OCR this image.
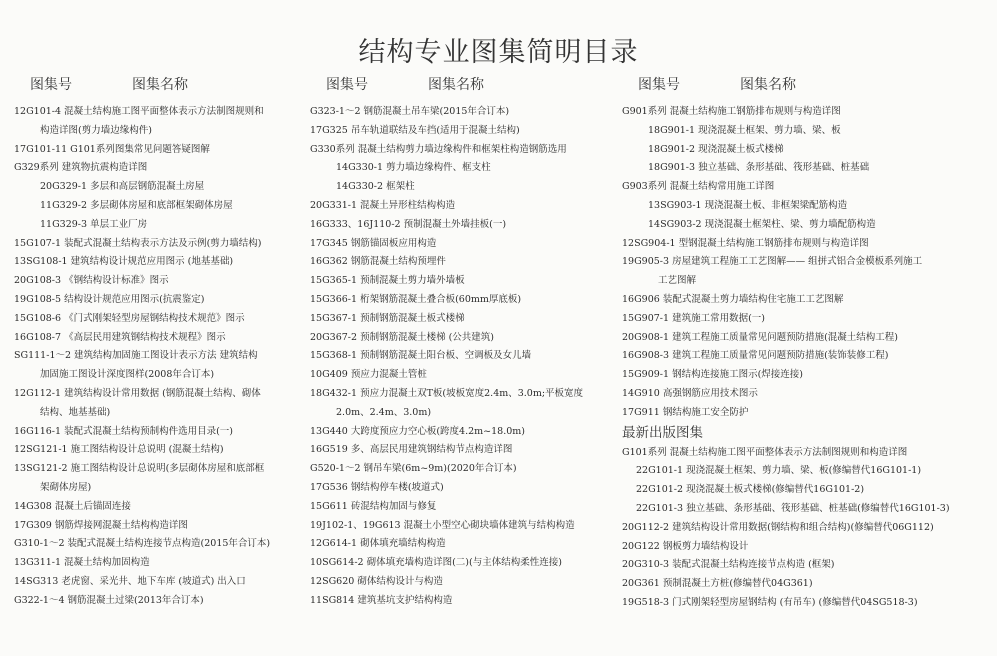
结构专业图集简明目录
图集号	图集名称
12G101-4 混凝土结构施工图平面整体表示方法制图规则和
构造详图(剪力墙边缘构件)
17G101-11 G101系列图集常见问题答疑图解
G329系列 建筑物抗震构造详图
20G329-1 多层和高层钢筋混凝土房屋
11G329-2 多层砌体房屋和底部框架砌体房屋
11G329-3 单层工业厂房
15G107-1 装配式混凝土结构表示方法及示例(剪力墙结构)
13SG108-1 建筑结构设计规范应用图示 (地基基础)
20G108-3 《钢结构设计标准》图示
19G108-5 结构设计规范应用图示(抗震鉴定)
15G108-6 《门式刚架轻型房屋钢结构技术规范》图示
16G108-7 《高层民用建筑钢结构技术规程》图示
SG111-1～2 建筑结构加固施工图设计表示方法 建筑结构
加固施工图设计深度图样(2008年合订本)
12G112-1 建筑结构设计常用数据 (钢筋混凝土结构、砌体
结构、地基基础)
16G116-1 装配式混凝土结构预制构件选用目录(一)
12SG121-1 施工图结构设计总说明 (混凝土结构)
13SG121-2 施工图结构设计总说明(多层砌体房屋和底部框
架砌体房屋)
14G308 混凝土后锚固连接
17G309 钢筋焊接网混凝土结构构造详图
G310-1～2 装配式混凝土结构连接节点构造(2015年合订本)
13G311-1 混凝土结构加固构造
14SG313 老虎窗、采光井、地下车库 (坡道式) 出入口
G322-1～4 钢筋混凝土过梁(2013年合订本)
图集号	图集名称
G323-1～2 钢筋混凝土吊车梁(2015年合订本)
17G325 吊车轨道联结及车挡(适用于混凝土结构)
G330系列 混凝土结构剪力墙边缘构件和框架柱构造钢筋选用
14G330-1 剪力墙边缘构件、框支柱
14G330-2 框架柱
20G331-1 混凝土异形柱结构构造
16G333、16J110-2 预制混凝土外墙挂板(一)
17G345 钢筋锚固板应用构造
16G362 钢筋混凝土结构预埋件
15G365-1 预制混凝土剪力墙外墙板
15G366-1 桁架钢筋混凝土叠合板(60mm厚底板)
15G367-1 预制钢筋混凝土板式楼梯
20G367-2 预制钢筋混凝土楼梯 (公共建筑)
15G368-1 预制钢筋混凝土阳台板、空调板及女儿墙
10G409 预应力混凝土管桩
18G432-1 预应力混凝土双T板(坡板宽度2.4m、3.0m;平板宽度
2.0m、2.4m、3.0m)
13G440 大跨度预应力空心板(跨度4.2m~18.0m)
16G519 多、高层民用建筑钢结构节点构造详图
G520-1～2 钢吊车梁(6m~9m)(2020年合订本)
17G536 钢结构停车楼(坡道式)
15G611 砖混结构加固与修复
19J102-1、19G613 混凝土小型空心砌块墙体建筑与结构构造
12G614-1 砌体填充墙结构构造
10SG614-2 砌体填充墙构造详图(二)(与主体结构柔性连接)
12SG620 砌体结构设计与构造
11SG814 建筑基坑支护结构构造
图集号	图集名称
G901系列 混凝土结构施工钢筋排布规则与构造详图
18G901-1 现浇混凝土框架、剪力墙、梁、板
18G901-2 现浇混凝土板式楼梯
18G901-3 独立基础、条形基础、筏形基础、桩基础
G903系列 混凝土结构常用施工详图
13SG903-1 现浇混凝土板、非框架梁配筋构造
14SG903-2 现浇混凝土框架柱、梁、剪力墙配筋构造
12SG904-1 型钢混凝土结构施工钢筋排布规则与构造详图
19G905-3 房屋建筑工程施工工艺图解—— 组拼式铝合金模板系列施工
工艺图解
16G906 装配式混凝土剪力墙结构住宅施工工艺图解
15G907-1 建筑施工常用数据(一)
20G908-1 建筑工程施工质量常见问题预防措施(混凝土结构工程)
16G908-3 建筑工程施工质量常见问题预防措施(装饰装修工程)
15G909-1 钢结构连接施工图示(焊接连接)
14G910 高强钢筋应用技术图示
17G911 钢结构施工安全防护
最新出版图集
G101系列 混凝土结构施工图平面整体表示方法制图规则和构造详图
22G101-1 现浇混凝土框架、剪力墙、梁、板(修编替代16G101-1)
22G101-2 现浇混凝土板式楼梯(修编替代16G101-2)
22G101-3 独立基础、条形基础、筏形基础、桩基础(修编替代16G101-3)
20G112-2 建筑结构设计常用数据(钢结构和组合结构)(修编替代06G112)
20G122 钢板剪力墙结构设计
20G310-3 装配式混凝土结构连接节点构造 (框架)
20G361 预制混凝土方桩(修编替代04G361)
19G518-3 门式刚架轻型房屋钢结构 (有吊车) (修编替代04SG518-3)
